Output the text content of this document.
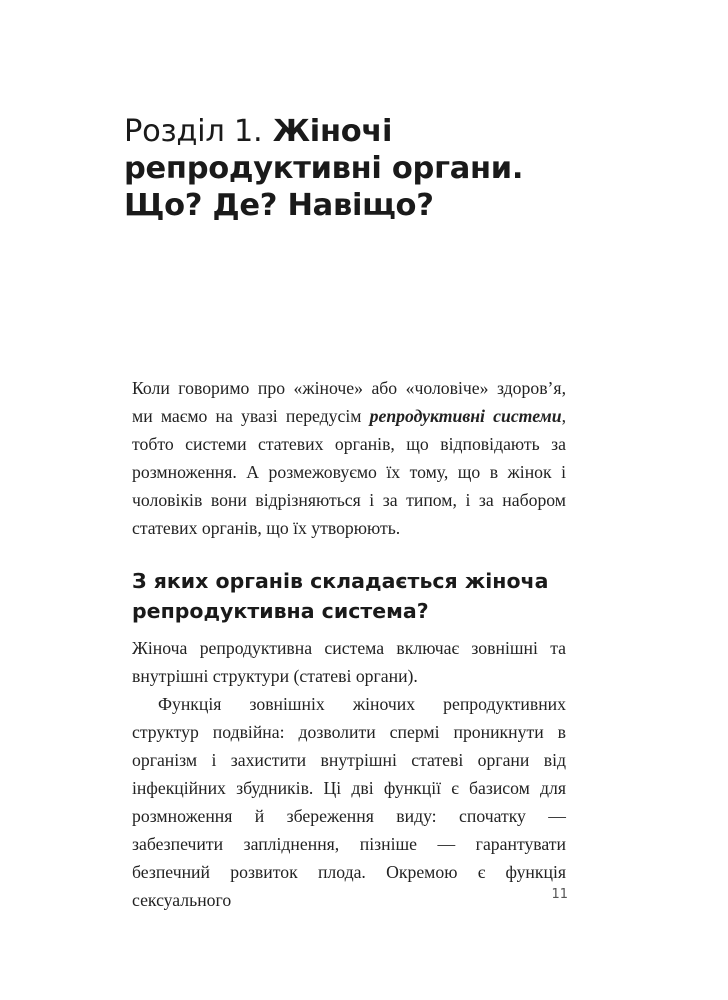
Розділ 1. Жіночі репродуктивні органи. Що? Де? Навіщо?

Коли говоримо про «жіноче» або «чоловіче» здоров’я, ми маємо на увазі передусім репродуктивні системи, тобто системи статевих органів, що відповідають за розмноження. А розмежовуємо їх тому, що в жінок і чоловіків вони відрізняються і за типом, і за набором статевих органів, що їх утворюють.

З яких органів складається жіноча репродуктивна система?

Жіноча репродуктивна система включає зовнішні та внутрішні структури (статеві органи).

Функція зовнішніх жіночих репродуктивних структур подвійна: дозволити спермі проникнути в організм і захистити внутрішні статеві органи від інфекційних збудників. Ці дві функції є базисом для розмноження й збереження виду: спочатку — забезпечити запліднення, пізніше — гарантувати безпечний розвиток плода. Окремою є функція сексуального	11
